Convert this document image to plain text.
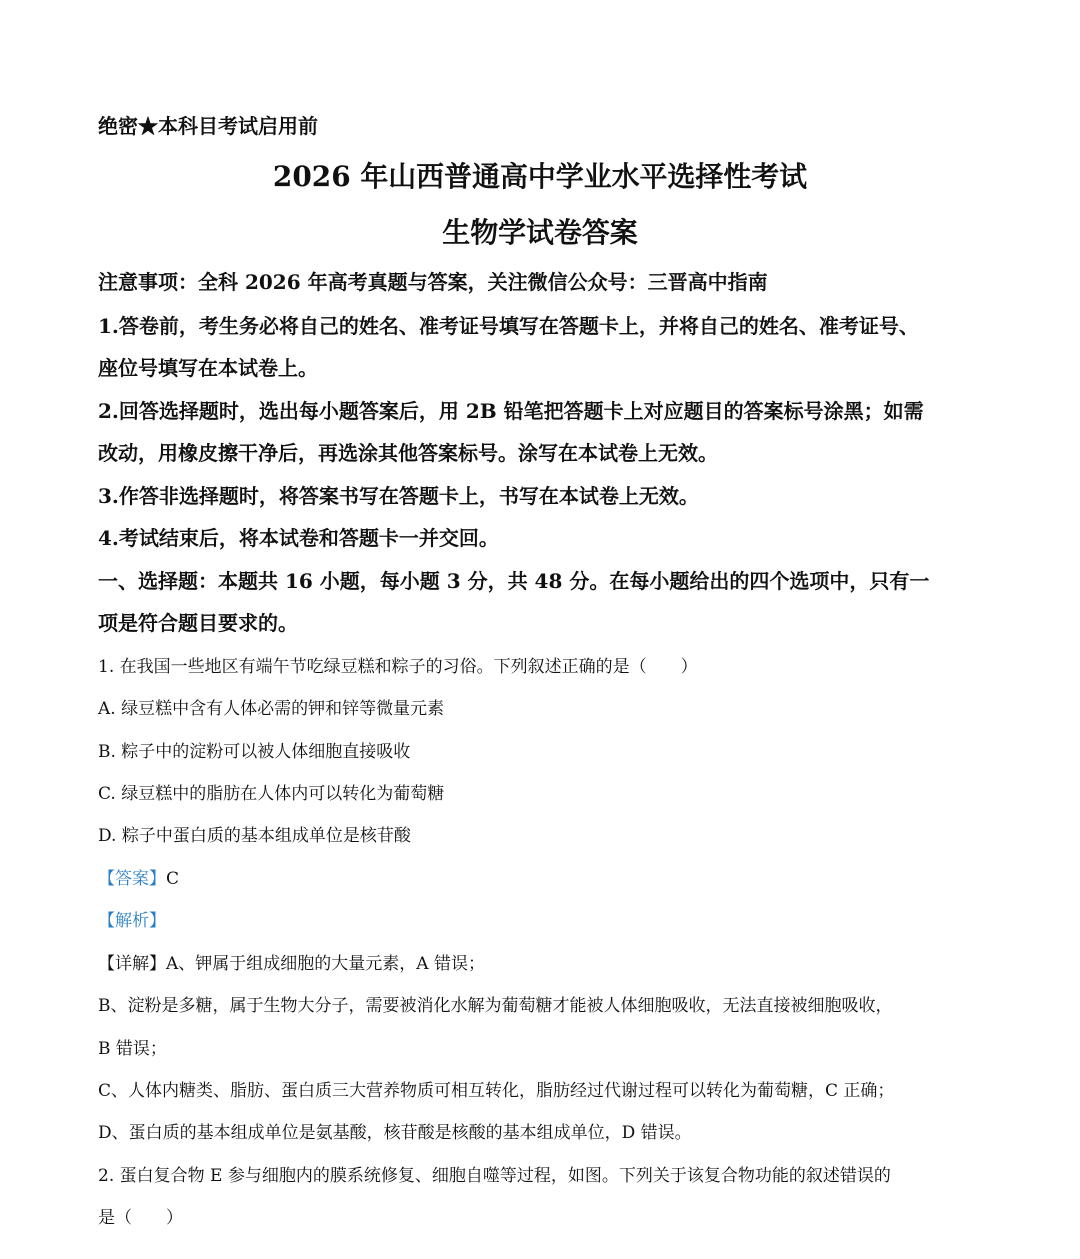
绝密★本科目考试启用前
2026 年山西普通高中学业水平选择性考试
生物学试卷答案
注意事项：全科 2026 年高考真题与答案，关注微信公众号：三晋高中指南
1.答卷前，考生务必将自己的姓名、准考证号填写在答题卡上，并将自己的姓名、准考证号、
座位号填写在本试卷上。
2.回答选择题时，选出每小题答案后，用 2B 铅笔把答题卡上对应题目的答案标号涂黑；如需
改动，用橡皮擦干净后，再选涂其他答案标号。涂写在本试卷上无效。
3.作答非选择题时，将答案书写在答题卡上，书写在本试卷上无效。
4.考试结束后，将本试卷和答题卡一并交回。
一、选择题：本题共 16 小题，每小题 3 分，共 48 分。在每小题给出的四个选项中，只有一
项是符合题目要求的。
1. 在我国一些地区有端午节吃绿豆糕和粽子的习俗。下列叙述正确的是（　　）
A. 绿豆糕中含有人体必需的钾和锌等微量元素
B. 粽子中的淀粉可以被人体细胞直接吸收
C. 绿豆糕中的脂肪在人体内可以转化为葡萄糖
D. 粽子中蛋白质的基本组成单位是核苷酸
【答案】C
【解析】
【详解】A、钾属于组成细胞的大量元素，A 错误；
B、淀粉是多糖，属于生物大分子，需要被消化水解为葡萄糖才能被人体细胞吸收，无法直接被细胞吸收，
B 错误；
C、人体内糖类、脂肪、蛋白质三大营养物质可相互转化，脂肪经过代谢过程可以转化为葡萄糖，C 正确；
D、蛋白质的基本组成单位是氨基酸，核苷酸是核酸的基本组成单位，D 错误。
2. 蛋白复合物 E 参与细胞内的膜系统修复、细胞自噬等过程，如图。下列关于该复合物功能的叙述错误的
是（　　）
